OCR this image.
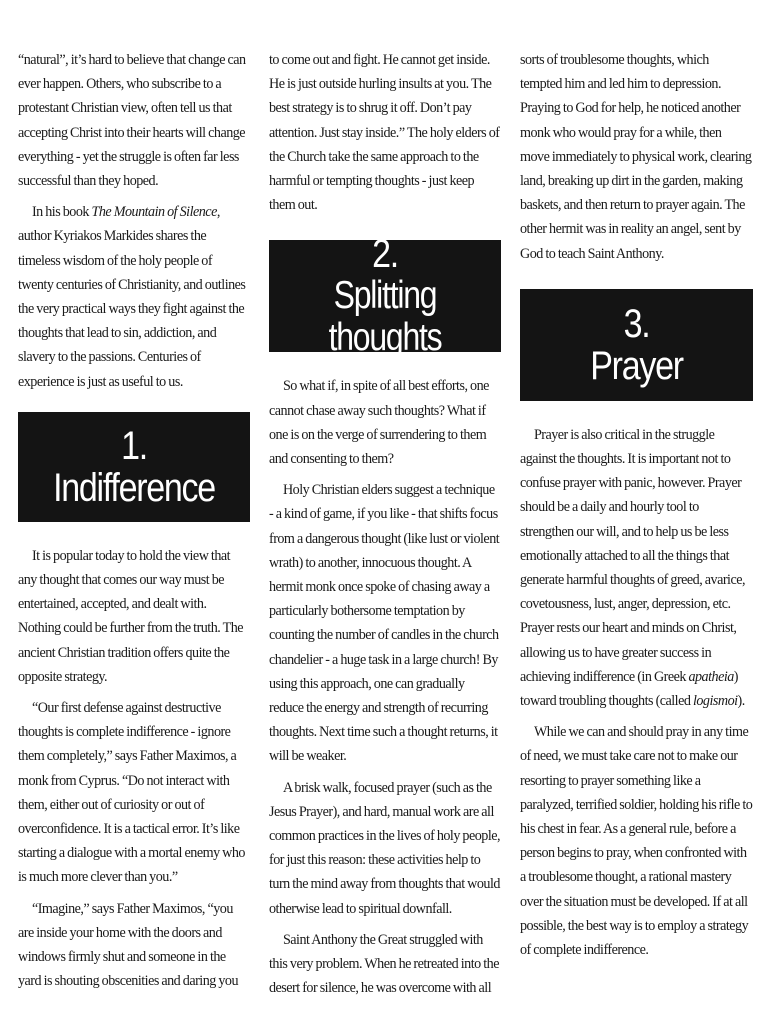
“natural”, it’s hard to believe that change can ever happen. Others, who subscribe to a protestant Christian view, often tell us that accepting Christ into their hearts will change everything - yet the struggle is often far less successful than they hoped.

In his book The Mountain of Silence, author Kyriakos Markides shares the timeless wisdom of the holy people of twenty centuries of Christianity, and outlines the very practical ways they fight against the thoughts that lead to sin, addiction, and slavery to the passions. Centuries of experience is just as useful to us.

1.
Indifference

It is popular today to hold the view that any thought that comes our way must be entertained, accepted, and dealt with. Nothing could be further from the truth. The ancient Christian tradition offers quite the opposite strategy.

“Our first defense against destructive thoughts is complete indifference - ignore them completely,” says Father Maximos, a monk from Cyprus. “Do not interact with them, either out of curiosity or out of overconfidence. It is a tactical error. It’s like starting a dialogue with a mortal enemy who is much more clever than you.”

“Imagine,” says Father Maximos, “you are inside your home with the doors and windows firmly shut and someone in the yard is shouting obscenities and daring you

to come out and fight. He cannot get inside. He is just outside hurling insults at you. The best strategy is to shrug it off. Don’t pay attention. Just stay inside.” The holy elders of the Church take the same approach to the harmful or tempting thoughts - just keep them out.

2.
Splitting thoughts

So what if, in spite of all best efforts, one cannot chase away such thoughts? What if one is on the verge of surrendering to them and consenting to them?

Holy Christian elders suggest a technique - a kind of game, if you like - that shifts focus from a dangerous thought (like lust or violent wrath) to another, innocuous thought. A hermit monk once spoke of chasing away a particularly bothersome temptation by counting the number of candles in the church chandelier - a huge task in a large church! By using this approach, one can gradually reduce the energy and strength of recurring thoughts. Next time such a thought returns, it will be weaker.

A brisk walk, focused prayer (such as the Jesus Prayer), and hard, manual work are all common practices in the lives of holy people, for just this reason: these activities help to turn the mind away from thoughts that would otherwise lead to spiritual downfall.

Saint Anthony the Great struggled with this very problem. When he retreated into the desert for silence, he was overcome with all

sorts of troublesome thoughts, which tempted him and led him to depression. Praying to God for help, he noticed another monk who would pray for a while, then move immediately to physical work, clearing land, breaking up dirt in the garden, making baskets, and then return to prayer again. The other hermit was in reality an angel, sent by God to teach Saint Anthony.

3.
Prayer

Prayer is also critical in the struggle against the thoughts. It is important not to confuse prayer with panic, however. Prayer should be a daily and hourly tool to strengthen our will, and to help us be less emotionally attached to all the things that generate harmful thoughts of greed, avarice, covetousness, lust, anger, depression, etc. Prayer rests our heart and minds on Christ, allowing us to have greater success in achieving indifference (in Greek apatheia) toward troubling thoughts (called logismoi).

While we can and should pray in any time of need, we must take care not to make our resorting to prayer something like a paralyzed, terrified soldier, holding his rifle to his chest in fear. As a general rule, before a person begins to pray, when confronted with a troublesome thought, a rational mastery over the situation must be developed. If at all possible, the best way is to employ a strategy of complete indifference.
